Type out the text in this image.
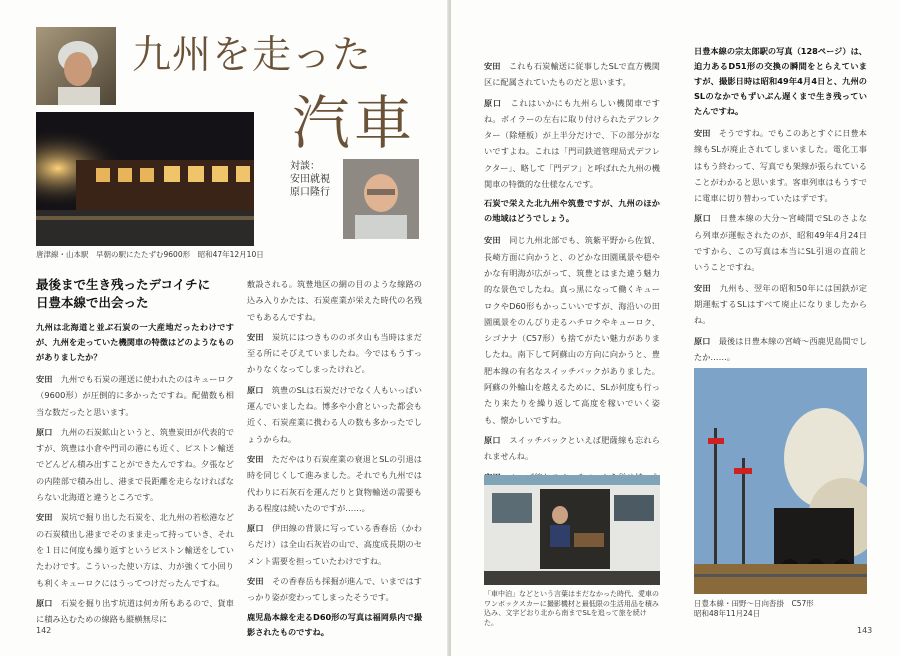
九州を走った
汽車
唐津線・山本駅　早朝の駅にたたずむ9600形　昭和47年12月10日
対談：
安田就視
原口隆行
最後まで生き残ったデコイチに日豊本線で出会った

九州は北海道と並ぶ石炭の一大産地だったわけですが、九州を走っていた機関車の特徴はどのようなものがありましたか？

安田　 九州でも石炭の運送に使われたのはキューロク（9600形）が圧倒的に多かったですね。配備数も相当な数だったと思います。

原口　 九州の石炭鉱山というと、筑豊炭田が代表的ですが、筑豊は小倉や門司の港にも近く、ピストン輸送でどんどん積み出すことができたんですね。夕張などの内陸部で積み出し、港まで長距離を走らなければならない北海道と違うところです。

安田　 炭坑で掘り出した石炭を、北九州の若松港などの石炭積出し港までそのまま走って持っていき、それを１日に何度も繰り返すというピストン輸送をしていたわけです。こういった使い方は、力が強くて小回りも利くキューロクにはうってつけだったんですね。

原口　 石炭を掘り出す坑道は何カ所もあるので、貨車に積み込むための線路も縦横無尽に

敷設される。筑豊地区の網の目のような線路の込み入りかたは、石炭産業が栄えた時代の名残でもあるんですね。

安田　 炭坑にはつきもののボタ山も当時はまだ至る所にそびえていましたね。今ではもうすっかりなくなってしまったけれど。

原口　 筑豊のSLは石炭だけでなく人もいっぱい運んでいましたね。博多や小倉といった都会も近く、石炭産業に携わる人の数も多かったでしょうからね。

安田　 ただやはり石炭産業の衰退とSLの引退は時を同じくして進みました。それでも九州では代わりに石灰石を運んだりと貨物輸送の需要もある程度は続いたのですが……。

原口　 伊田線の背景に写っている香春岳（かわらだけ）は全山石灰岩の山で、高度成長期のセメント需要を担っていたわけですね。

安田　 その香春岳も採掘が進んで、いまではすっかり姿が変わってしまったそうです。

鹿児島本線を走るD60形の写真は福岡県内で撮影されたものですね。

142

安田　 これも石炭輸送に従事したSLで直方機関区に配属されていたものだと思います。

原口　 これはいかにも九州らしい機関車ですね。ボイラーの左右に取り付けられたデフレクター（除煙板）が上半分だけで、下の部分がないですよね。これは「門司鉄道管理局式デフレクター」、略して「門デフ」と呼ばれた九州の機関車の特徴的な仕様なんです。

石炭で栄えた北九州や筑豊ですが、九州のほかの地域はどうでしょう。

安田　 同じ九州北部でも、筑紫平野から佐賀、長崎方面に向かうと、のどかな田園風景や穏やかな有明海が広がって、筑豊とはまた違う魅力的な景色でしたね。真っ黒になって働くキューロクやD60形もかっこいいですが、海沿いの田園風景をのんびり走るハチロクやキューロク、シゴナナ（C57形）も捨てがたい魅力がありましたね。南下して阿蘇山の方向に向かうと、豊肥本線の有名なスイッチバックがありました。阿蘇の外輪山を越えるために、SLが何度も行ったり来たりを繰り返して高度を稼いでいく姿も、懐かしいですね。

原口　 スイッチバックといえば肥薩線も忘れられませんね。

「車中泊」などという言葉はまだなかった時代、愛車のワンボックスカーに撮影機材と最低限の生活用品を積み込み、文字どおり北から南までSLを追って旅を続けた。

日豊本線の宗太郎駅の写真（128ページ）は、迫力あるD51形の交換の瞬間をとらえていますが、撮影日時は昭和49年4月4日と、九州のSLのなかでもずいぶん遅くまで生き残っていたんですね。

安田　 そうですね。でもこのあとすぐに日豊本線もSLが廃止されてしまいました。電化工事はもう終わって、写真でも架線が張られていることがわかると思います。客車列車はもうすでに電車に切り替わっていたはずです。

原口　 日豊本線の大分～宮崎間でSLのさよなら列車が運転されたのが、昭和49年4月24日ですから、この写真は本当にSL引退の直前ということですね。

安田　 九州も、翌年の昭和50年には国鉄が定期運転するSLはすべて廃止になりましたからね。

原口　 最後は日豊本線の宮崎～西鹿児島間でしたか……。

日豊本線・田野～日向沓掛　C57形
昭和48年11月24日
143
